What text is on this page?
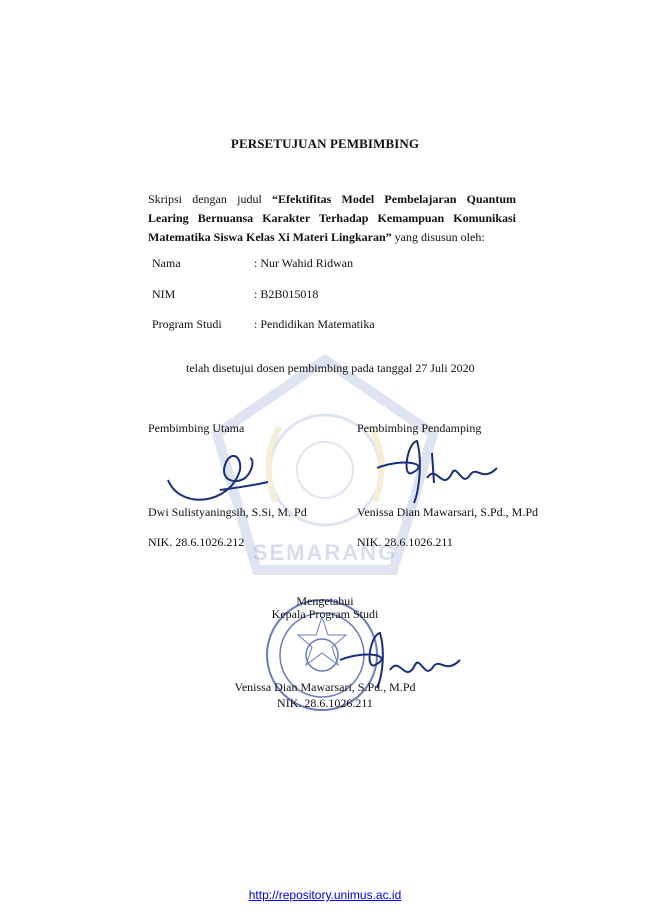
SEMARANG
PERSETUJUAN PEMBIMBING
Skripsi dengan judul “Efektifitas Model Pembelajaran Quantum Learing Bernuansa Karakter Terhadap Kemampuan Komunikasi Matematika Siswa Kelas Xi Materi Lingkaran” yang disusun oleh:
Nama	: Nur Wahid Ridwan
NIM	: B2B015018
Program Studi	: Pendidikan Matematika
telah disetujui dosen pembimbing pada tanggal 27 Juli 2020
Pembimbing Utama	Pembimbing Pendamping
Dwi Sulistyaningsih, S.Si, M. Pd	Venissa Dian Mawarsari, S.Pd., M.Pd
NIK. 28.6.1026.212	NIK. 28.6.1026.211
Mengetahui
Kepala Program Studi
Venissa Dian Mawarsari, S.Pd., M.Pd
NIK. 28.6.1026.211
http://repository.unimus.ac.id
